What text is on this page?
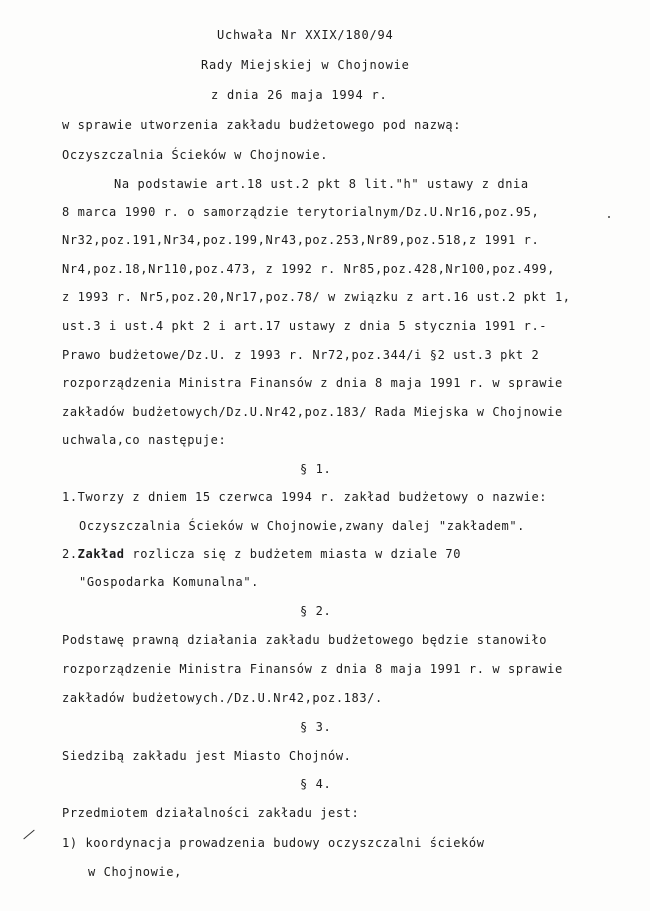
Uchwała Nr XXIX/180/94
Rady Miejskiej w Chojnowie
z dnia 26 maja 1994 r.
w sprawie utworzenia zakładu budżetowego pod nazwą:
Oczyszczalnia Ścieków w Chojnowie.
Na podstawie art.18 ust.2 pkt 8 lit."h" ustawy z dnia
8 marca 1990 r. o samorządzie terytorialnym/Dz.U.Nr16,poz.95,
Nr32,poz.191,Nr34,poz.199,Nr43,poz.253,Nr89,poz.518,z 1991 r.
Nr4,poz.18,Nr110,poz.473, z 1992 r. Nr85,poz.428,Nr100,poz.499,
z 1993 r. Nr5,poz.20,Nr17,poz.78/ w związku z art.16 ust.2 pkt 1,
ust.3 i ust.4 pkt 2 i art.17 ustawy z dnia 5 stycznia 1991 r.-
Prawo budżetowe/Dz.U. z 1993 r. Nr72,poz.344/i §2 ust.3 pkt 2
rozporządzenia Ministra Finansów z dnia 8 maja 1991 r. w sprawie
zakładów budżetowych/Dz.U.Nr42,poz.183/ Rada Miejska w Chojnowie
uchwala,co następuje:
§ 1.
1.Tworzy z dniem 15 czerwca 1994 r. zakład budżetowy o nazwie:
Oczyszczalnia Ścieków w Chojnowie,zwany dalej "zakładem".
2.Zakład rozlicza się z budżetem miasta w dziale 70
"Gospodarka Komunalna".
§ 2.
Podstawę prawną działania zakładu budżetowego będzie stanowiło
rozporządzenie Ministra Finansów z dnia 8 maja 1991 r. w sprawie
zakładów budżetowych./Dz.U.Nr42,poz.183/.
§ 3.
Siedzibą zakładu jest Miasto Chojnów.
§ 4.
Przedmiotem działalności zakładu jest:
1) koordynacja prowadzenia budowy oczyszczalni ścieków
w Chojnowie,
